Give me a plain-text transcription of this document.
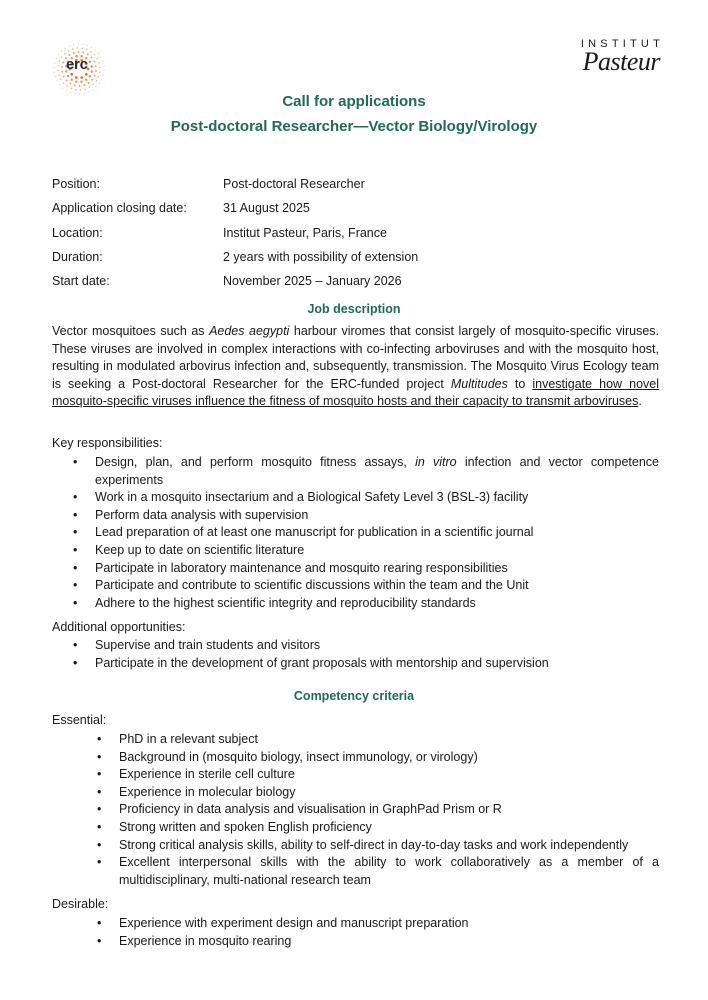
erc
INSTITUT
Pasteur
Call for applications
Post-doctoral Researcher—Vector Biology/Virology
Position:	Post-doctoral Researcher
Application closing date:	31 August 2025
Location:	Institut Pasteur, Paris, France
Duration:	2 years with possibility of extension
Start date:	November 2025 – January 2026
Job description
Vector mosquitoes such as Aedes aegypti harbour viromes that consist largely of mosquito-specific viruses. These viruses are involved in complex interactions with co-infecting arboviruses and with the mosquito host, resulting in modulated arbovirus infection and, subsequently, transmission. The Mosquito Virus Ecology team is seeking a Post-doctoral Researcher for the ERC-funded project Multitudes to investigate how novel mosquito-specific viruses influence the fitness of mosquito hosts and their capacity to transmit arboviruses.
Key responsibilities:
• Design, plan, and perform mosquito fitness assays, in vitro infection and vector competence experiments
• Work in a mosquito insectarium and a Biological Safety Level 3 (BSL-3) facility
• Perform data analysis with supervision
• Lead preparation of at least one manuscript for publication in a scientific journal
• Keep up to date on scientific literature
• Participate in laboratory maintenance and mosquito rearing responsibilities
• Participate and contribute to scientific discussions within the team and the Unit
• Adhere to the highest scientific integrity and reproducibility standards
Additional opportunities:
• Supervise and train students and visitors
• Participate in the development of grant proposals with mentorship and supervision
Competency criteria
Essential:
• PhD in a relevant subject
• Background in (mosquito biology, insect immunology, or virology)
• Experience in sterile cell culture
• Experience in molecular biology
• Proficiency in data analysis and visualisation in GraphPad Prism or R
• Strong written and spoken English proficiency
• Strong critical analysis skills, ability to self-direct in day-to-day tasks and work independently
• Excellent interpersonal skills with the ability to work collaboratively as a member of a multidisciplinary, multi-national research team
Desirable:
• Experience with experiment design and manuscript preparation
• Experience in mosquito rearing
